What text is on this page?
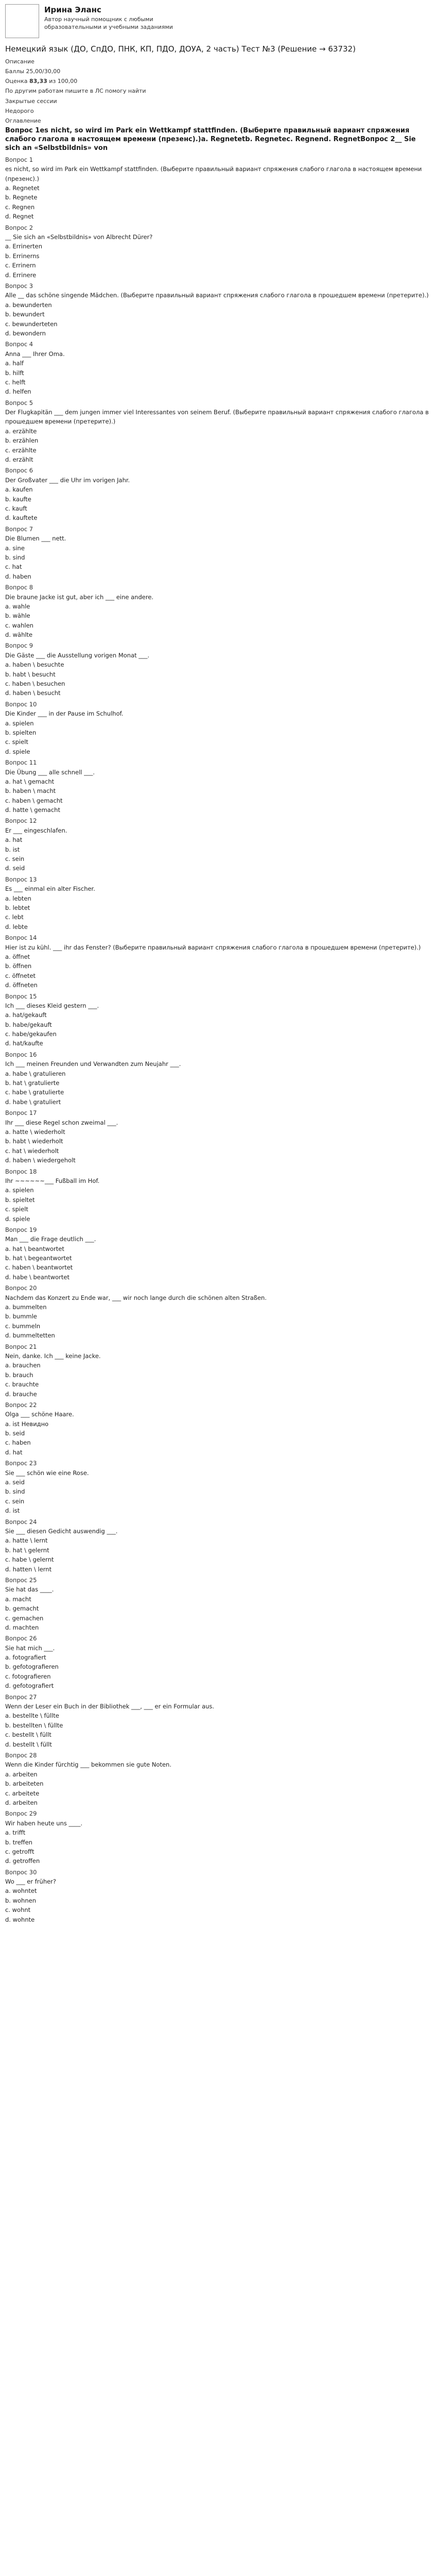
Ирина Эланс
Автор научный помощник с любыми образовательными и учебными заданиями
Немецкий язык (ДО, СпДО, ПНК, КП, ПДО, ДОУА, 2 часть) Тест №3 (Решение → 63732)
Описание
Баллы 25,00/30,00
Оценка 83,33 из 100,00
По другим работам пишите в ЛС помогу найти
Закрытые сессии
Недорого
Оглавление
Вопрос 1es nicht, so wird im Park ein Wettkampf stattfinden. (Выберите правильный вариант спряжения слабого глагола в настоящем времени (презенс).)a. Regnetetb. Regnetec. Regnend. RegnetВопрос 2__ Sie sich an «Selbstbildnis» von
Вопрос 1
es nicht, so wird im Park ein Wettkampf stattfinden. (Выберите правильный вариант спряжения слабого глагола в настоящем времени (презенс).)
a. Regnetet
b. Regnete
c. Regnen
d. Regnet
Вопрос 2
__ Sie sich an «Selbstbildnis» von Albrecht Dürer?
a. Errinerten
b. Errinerns
c. Errinern
d. Errinere
Вопрос 3
Alle __ das schöne singende Mädchen. (Выберите правильный вариант спряжения слабого глагола в прошедшем времени (претерите).)
a. bewunderten
b. bewundert
c. bewunderteten
d. bewondern
Вопрос 4
Anna ___ Ihrer Oma.
a. half
b. hilft
c. helft
d. helfen
Вопрос 5
Der Flugkapitän ___ dem jungen immer viel Interessantes von seinem Beruf. (Выберите правильный вариант спряжения слабого глагола в прошедшем времени (претерите).)
a. erzählte
b. erzählen
c. erzählte
d. erzählt
Вопрос 6
Der Großvater ___ die Uhr im vorigen Jahr.
a. kaufen
b. kaufte
c. kauft
d. kauftete
Вопрос 7
Die Blumen ___ nett.
a. sine
b. sind
c. hat
d. haben
Вопрос 8
Die braune Jacke ist gut, aber ich ___ eine andere.
a. wahle
b. wähle
c. wahlen
d. wählte
Вопрос 9
Die Gäste ___ die Ausstellung vorigen Monat ___.
a. haben \ besuchte
b. habt \ besucht
c. haben \ besuchen
d. haben \ besucht
Вопрос 10
Die Kinder ___ in der Pause im Schulhof.
a. spielen
b. spielten
c. spielt
d. spiele
Вопрос 11
Die Übung ___ alle schnell ___.
a. hat \ gemacht
b. haben \ macht
c. haben \ gemacht
d. hatte \ gemacht
Вопрос 12
Er ___ eingeschlafen.
a. hat
b. ist
c. sein
d. seid
Вопрос 13
Es ___ einmal ein alter Fischer.
a. lebten
b. lebtet
c. lebt
d. lebte
Вопрос 14
Hier ist zu kühl. ___ ihr das Fenster? (Выберите правильный вариант спряжения слабого глагола в прошедшем времени (претерите).)
a. öffnet
b. öffnen
c. öffnetet
d. öffneten
Вопрос 15
Ich ___ dieses Kleid gestern ___.
a. hat/gekauft
b. habe/gekauft
c. habe/gekaufen
d. hat/kaufte
Вопрос 16
Ich ___ meinen Freunden und Verwandten zum Neujahr ___.
a. habe \ gratulieren
b. hat \ gratulierte
c. habe \ gratulierte
d. habe \ gratuliert
Вопрос 17
Ihr ___ diese Regel schon zweimal ___.
a. hatte \ wiederholt
b. habt \ wiederholt
c. hat \ wiederholt
d. haben \ wiedergeholt
Вопрос 18
Ihr ~~~~~~___ Fußball im Hof.
a. spielen
b. spieltet
c. spielt
d. spiele
Вопрос 19
Man ___ die Frage deutlich ___.
a. hat \ beantwortet
b. hat \ begeantwortet
c. haben \ beantwortet
d. habe \ beantwortet
Вопрос 20
Nachdem das Konzert zu Ende war, ___ wir noch lange durch die schönen alten Straßen.
a. bummelten
b. bummle
c. bummeln
d. bummeltetten
Вопрос 21
Nein, danke. Ich ___ keine Jacke.
a. brauchen
b. brauch
c. brauchte
d. brauche
Вопрос 22
Olga ___ schöne Haare.
a. ist Невидно
b. seid
c. haben
d. hat
Вопрос 23
Sie ___ schön wie eine Rose.
a. seid
b. sind
c. sein
d. ist
Вопрос 24
Sie ___ diesen Gedicht auswendig ___.
a. hatte \ lernt
b. hat \ gelernt
c. habe \ gelernt
d. hatten \ lernt
Вопрос 25
Sie hat das ____.
a. macht
b. gemacht
c. gemachen
d. machten
Вопрос 26
Sie hat mich ___.
a. fotografiert
b. gefotografieren
c. fotografieren
d. gefotografiert
Вопрос 27
Wenn der Leser ein Buch in der Bibliothek ___, ___ er ein Formular aus.
a. bestellte \ füllte
b. bestellten \ füllte
c. bestellt \ füllt
d. bestellt \ füllt
Вопрос 28
Wenn die Kinder fürchtig ___ bekommen sie gute Noten.
a. arbeiten
b. arbeiteten
c. arbeitete
d. arbeiten
Вопрос 29
Wir haben heute uns ____.
a. trifft
b. treffen
c. getrofft
d. getroffen
Вопрос 30
Wo ___ er früher?
a. wohntet
b. wohnen
c. wohnt
d. wohnte
